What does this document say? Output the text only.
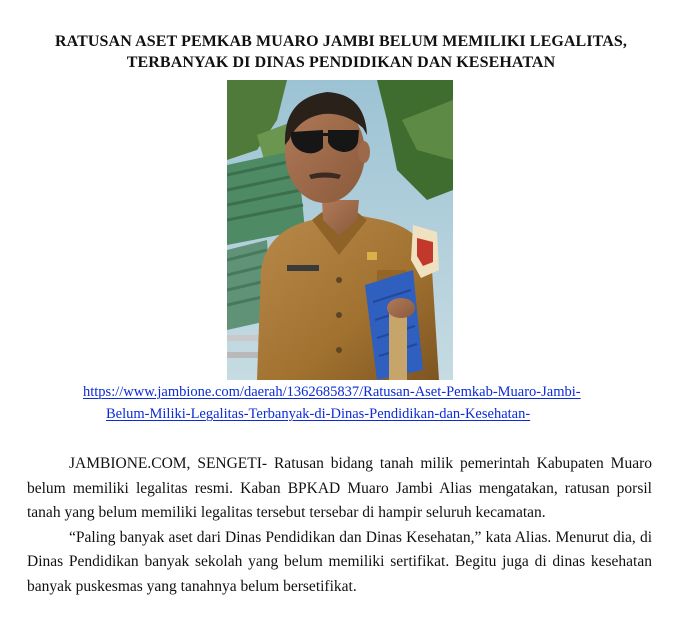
RATUSAN ASET PEMKAB MUARO JAMBI BELUM MEMILIKI LEGALITAS,
TERBANYAK DI DINAS PENDIDIKAN DAN KESEHATAN
https://www.jambione.com/daerah/1362685837/Ratusan-Aset-Pemkab-Muaro-Jambi-
Belum-Miliki-Legalitas-Terbanyak-di-Dinas-Pendidikan-dan-Kesehatan-

JAMBIONE.COM, SENGETI- Ratusan bidang tanah milik pemerintah Kabupaten Muaro belum memiliki legalitas resmi. Kaban BPKAD Muaro Jambi Alias mengatakan, ratusan porsil tanah yang belum memiliki legalitas tersebut tersebar di hampir seluruh kecamatan.

“Paling banyak aset dari Dinas Pendidikan dan Dinas Kesehatan,” kata Alias. Menurut dia, di Dinas Pendidikan banyak sekolah yang belum memiliki sertifikat. Begitu juga di dinas kesehatan banyak puskesmas yang tanahnya belum bersetifikat.
